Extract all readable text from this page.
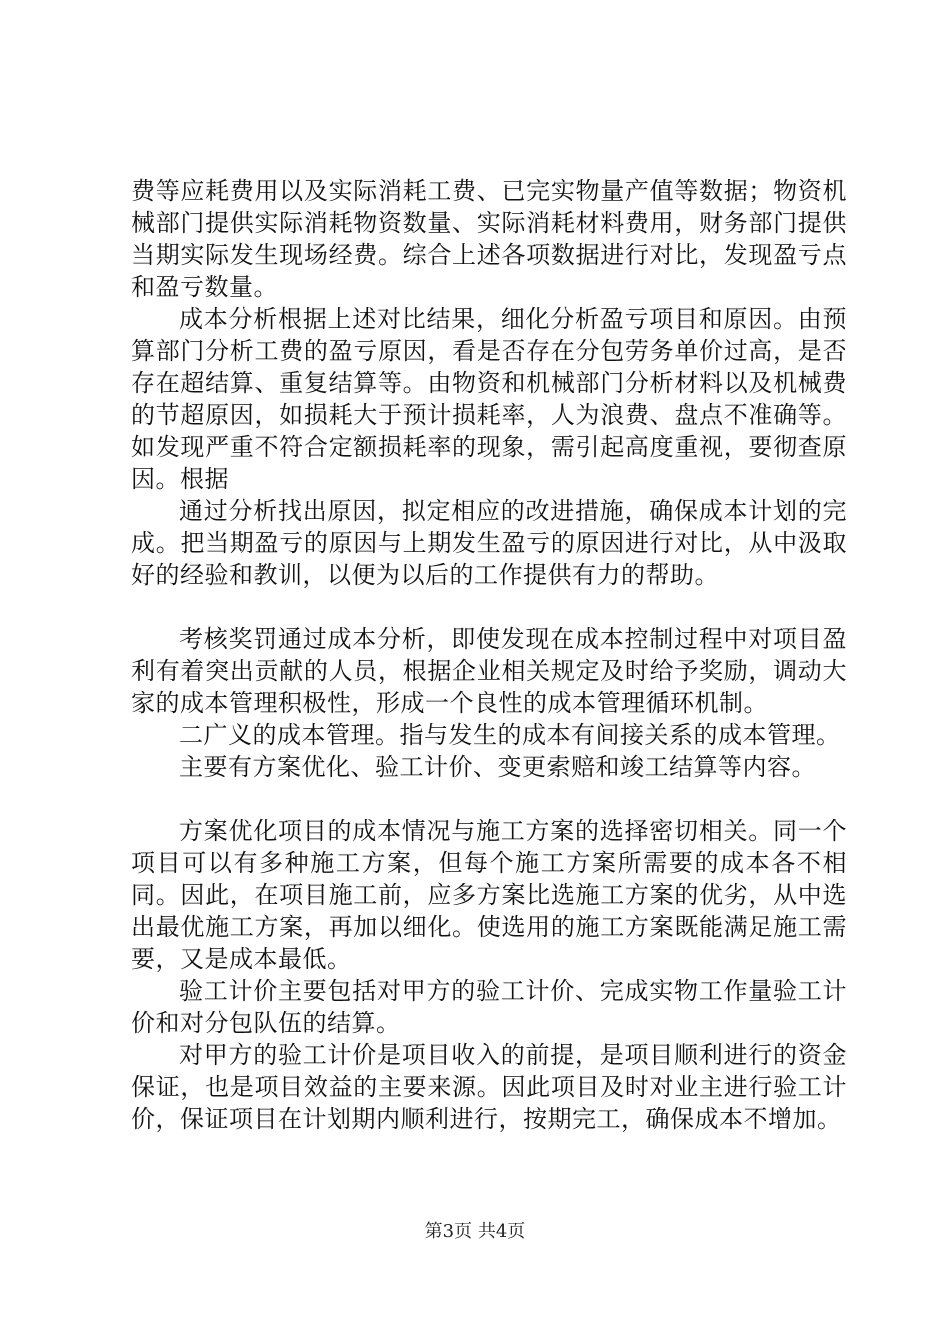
费等应耗费用以及实际消耗工费、已完实物量产值等数据；物资机械部门提供实际消耗物资数量、实际消耗材料费用，财务部门提供当期实际发生现场经费。综合上述各项数据进行对比，发现盈亏点和盈亏数量。

成本分析根据上述对比结果，细化分析盈亏项目和原因。由预算部门分析工费的盈亏原因，看是否存在分包劳务单价过高，是否存在超结算、重复结算等。由物资和机械部门分析材料以及机械费的节超原因，如损耗大于预计损耗率，人为浪费、盘点不准确等。如发现严重不符合定额损耗率的现象，需引起高度重视，要彻查原因。根据

通过分析找出原因，拟定相应的改进措施，确保成本计划的完成。把当期盈亏的原因与上期发生盈亏的原因进行对比，从中汲取好的经验和教训，以便为以后的工作提供有力的帮助。

考核奖罚通过成本分析，即使发现在成本控制过程中对项目盈利有着突出贡献的人员，根据企业相关规定及时给予奖励，调动大家的成本管理积极性，形成一个良性的成本管理循环机制。

二广义的成本管理。指与发生的成本有间接关系的成本管理。

主要有方案优化、验工计价、变更索赔和竣工结算等内容。

方案优化项目的成本情况与施工方案的选择密切相关。同一个项目可以有多种施工方案，但每个施工方案所需要的成本各不相同。因此，在项目施工前，应多方案比选施工方案的优劣，从中选出最优施工方案，再加以细化。使选用的施工方案既能满足施工需要，又是成本最低。

验工计价主要包括对甲方的验工计价、完成实物工作量验工计价和对分包队伍的结算。

对甲方的验工计价是项目收入的前提，是项目顺利进行的资金保证，也是项目效益的主要来源。因此项目及时对业主进行验工计价，保证项目在计划期内顺利进行，按期完工，确保成本不增加。

第3页 共4页
